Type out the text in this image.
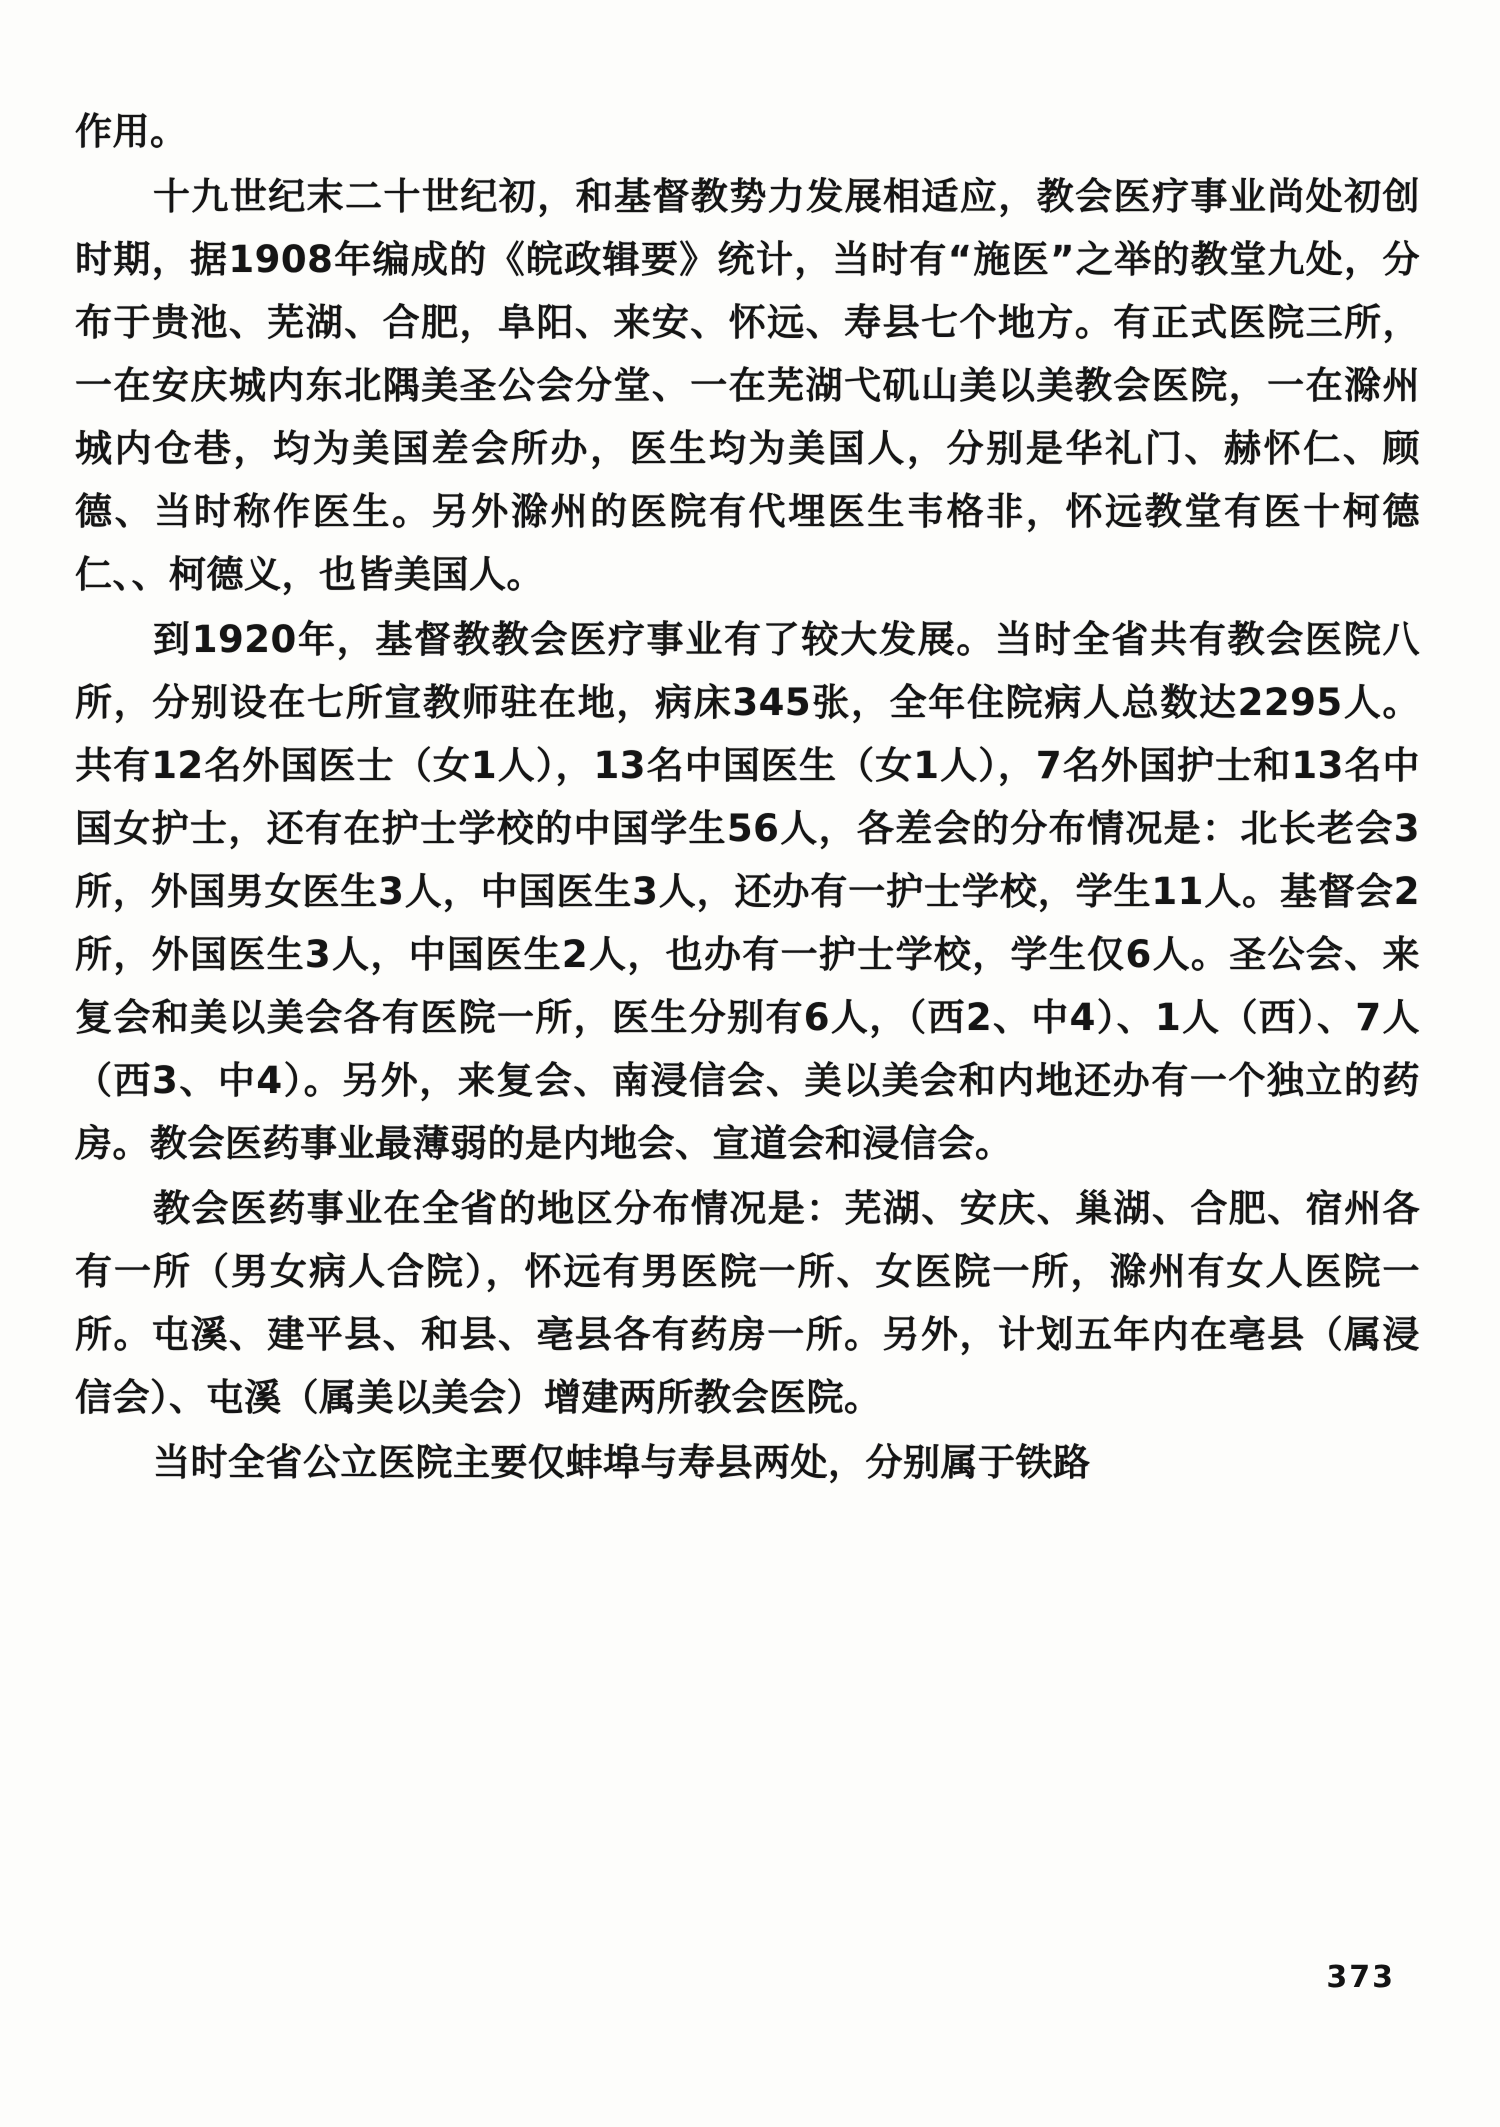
作用。

十九世纪末二十世纪初，和基督教势力发展相适应，教会医疗事业尚处初创时期，据1908年编成的《皖政辑要》统计，当时有“施医”之举的教堂九处，分布于贵池、芜湖、合肥，阜阳、来安、怀远、寿县七个地方。有正式医院三所，一在安庆城内东北隅美圣公会分堂、一在芜湖弋矶山美以美教会医院，一在滁州城内仓巷，均为美国差会所办，医生均为美国人，分别是华礼门、赫怀仁、顾德、当时称作医生。另外滁州的医院有代埋医生韦格非，怀远教堂有医十柯德仁、、柯德义，也皆美国人。

到1920年，基督教教会医疗事业有了较大发展。当时全省共有教会医院八所，分别设在七所宣教师驻在地，病床345张，全年住院病人总数达2295人。共有12名外国医士（女1人），13名中国医生（女1人），7名外国护士和13名中国女护士，还有在护士学校的中国学生56人，各差会的分布情况是：北长老会3所，外国男女医生3人，中国医生3人，还办有一护士学校，学生11人。基督会2所，外国医生3人，中国医生2人，也办有一护士学校，学生仅6人。圣公会、来复会和美以美会各有医院一所，医生分别有6人，（西2、中4）、1人（西）、7人（西3、中4）。另外，来复会、南浸信会、美以美会和内地还办有一个独立的药房。教会医药事业最薄弱的是内地会、宣道会和浸信会。

教会医药事业在全省的地区分布情况是：芜湖、安庆、巢湖、合肥、宿州各有一所（男女病人合院），怀远有男医院一所、女医院一所，滁州有女人医院一所。屯溪、建平县、和县、亳县各有药房一所。另外，计划五年内在亳县（属浸信会）、屯溪（属美以美会）增建两所教会医院。

当时全省公立医院主要仅蚌埠与寿县两处，分别属于铁路

373
